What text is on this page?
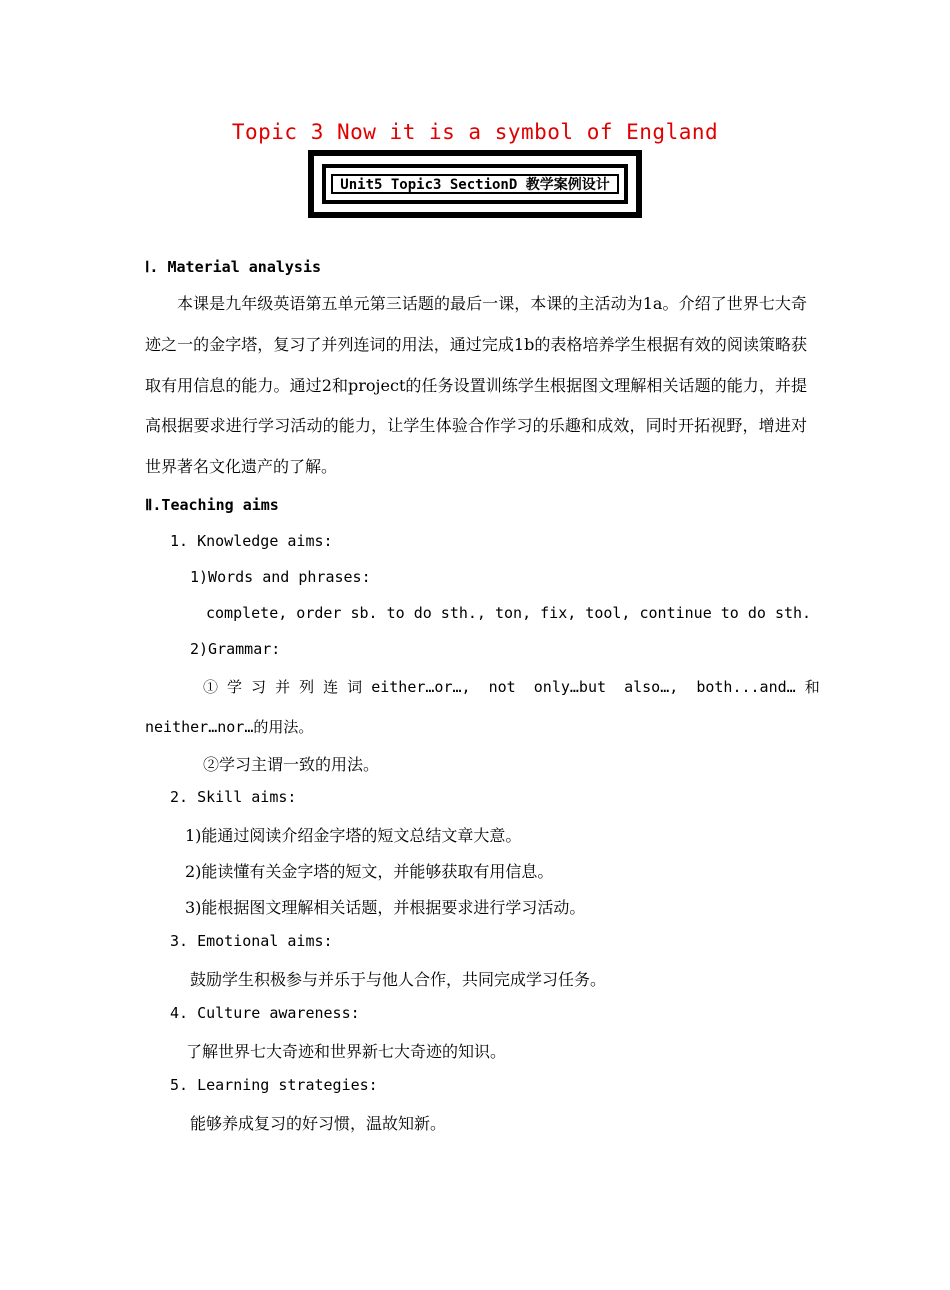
Topic 3 Now it is a symbol of England
Unit5 Topic3 SectionD 教学案例设计
Ⅰ. Material analysis

本课是九年级英语第五单元第三话题的最后一课，本课的主活动为1a。介绍了世界七大奇迹之一的金字塔，复习了并列连词的用法，通过完成1b的表格培养学生根据有效的阅读策略获取有用信息的能力。通过2和project的任务设置训练学生根据图文理解相关话题的能力，并提高根据要求进行学习活动的能力，让学生体验合作学习的乐趣和成效，同时开拓视野，增进对世界著名文化遗产的了解。

Ⅱ.Teaching aims
1. Knowledge aims:
1)Words and phrases:
complete, order sb. to do sth., ton, fix, tool, continue to do sth.
2)Grammar:
① 学 习 并 列 连 词 either…or…,  not  only…but  also…,  both...and… 和
neither…nor…的用法。
②学习主谓一致的用法。
2. Skill aims:
1)能通过阅读介绍金字塔的短文总结文章大意。
2)能读懂有关金字塔的短文，并能够获取有用信息。
3)能根据图文理解相关话题，并根据要求进行学习活动。
3. Emotional aims:
鼓励学生积极参与并乐于与他人合作，共同完成学习任务。
4. Culture awareness:
了解世界七大奇迹和世界新七大奇迹的知识。
5. Learning strategies:
能够养成复习的好习惯，温故知新。
